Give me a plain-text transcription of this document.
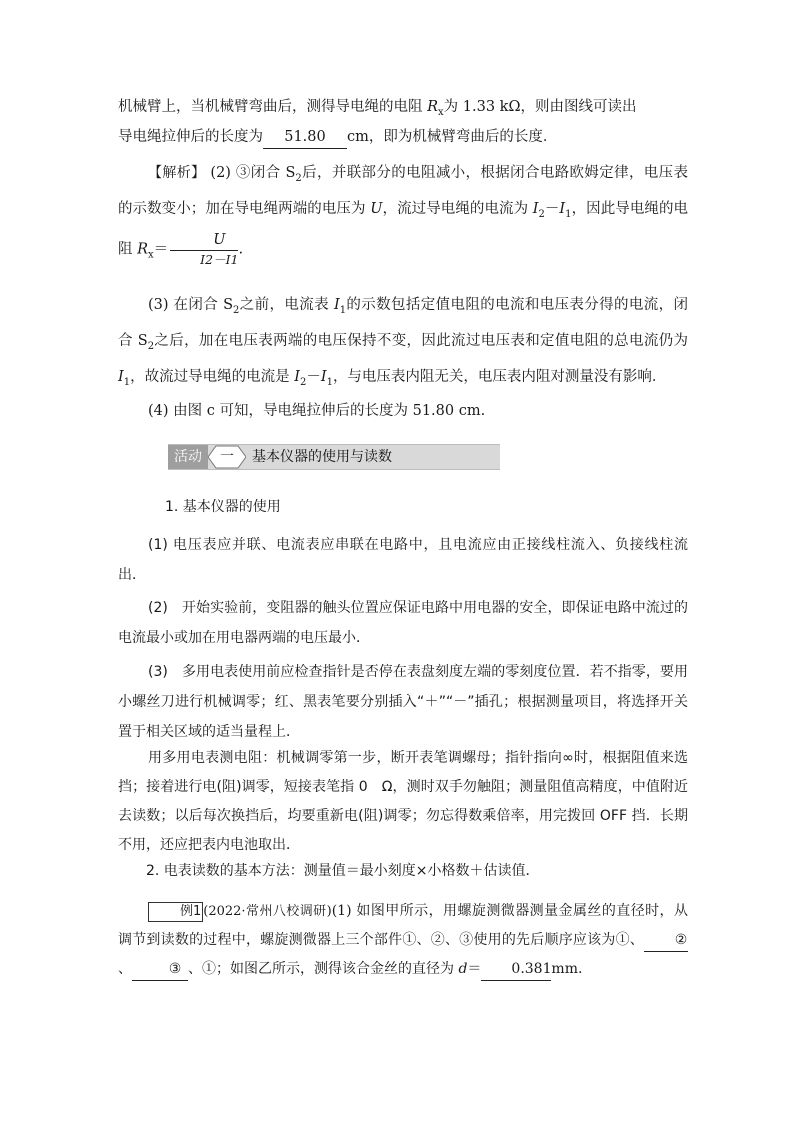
机械臂上，当机械臂弯曲后，测得导电绳的电阻 $R_x$为 1.33 kΩ，则由图线可读出

导电绳拉伸后的长度为 51.80 cm，即为机械臂弯曲后的长度．

【解析】 (2) ③闭合 $S_2$后，并联部分的电阻减小，根据闭合电路欧姆定律，电压表的示数变小；加在导电绳两端的电压为 U，流过导电绳的电流为 $I_2-I_1$，因此导电绳的电阻 $R_x= \frac{U}{I2-I1}$ .

(3) 在闭合 $S_2$之前，电流表 $I_1$的示数包括定值电阻的电流和电压表分得的电流，闭合 $S_2$之后，加在电压表两端的电压保持不变，因此流过电压表和定值电阻的总电流仍为 $I_1$，故流过导电绳的电流是 $I_2-I_1$，与电压表内阻无关，电压表内阻对测量没有影响．

(4) 由图 c 可知，导电绳拉伸后的长度为 51.80 cm.

活动	一	基本仪器的使用与读数

1. 基本仪器的使用

(1) 电压表应并联、电流表应串联在电路中，且电流应由正接线柱流入、负接线柱流出．

(2)　开始实验前，变阻器的触头位置应保证电路中用电器的安全，即保证电路中流过的电流最小或加在用电器两端的电压最小．

(3)　多用电表使用前应检查指针是否停在表盘刻度左端的零刻度位置．若不指零，要用小螺丝刀进行机械调零；红、黑表笔要分别插入“＋”“－”插孔；根据测量项目，将选择开关置于相关区域的适当量程上．

用多用电表测电阻：机械调零第一步，断开表笔调螺母；指针指向∞时，根据阻值来选挡；接着进行电(阻)调零，短接表笔指 0　Ω，测时双手勿触阻；测量阻值高精度，中值附近去读数；以后每次换挡后，均要重新电(阻)调零；勿忘得数乘倍率，用完拨回 OFF 挡．长期不用，还应把表内电池取出．

2. 电表读数的基本方法：测量值＝最小刻度×小格数＋估读值．

例1 (2022·常州八校调研)(1) 如图甲所示，用螺旋测微器测量金属丝的直径时，从调节到读数的过程中，螺旋测微器上三个部件①、②、③使用的先后顺序应该为①、 ②、	③ 、①；如图乙所示，测得该合金丝的直径为 d＝ 0.381mm.
